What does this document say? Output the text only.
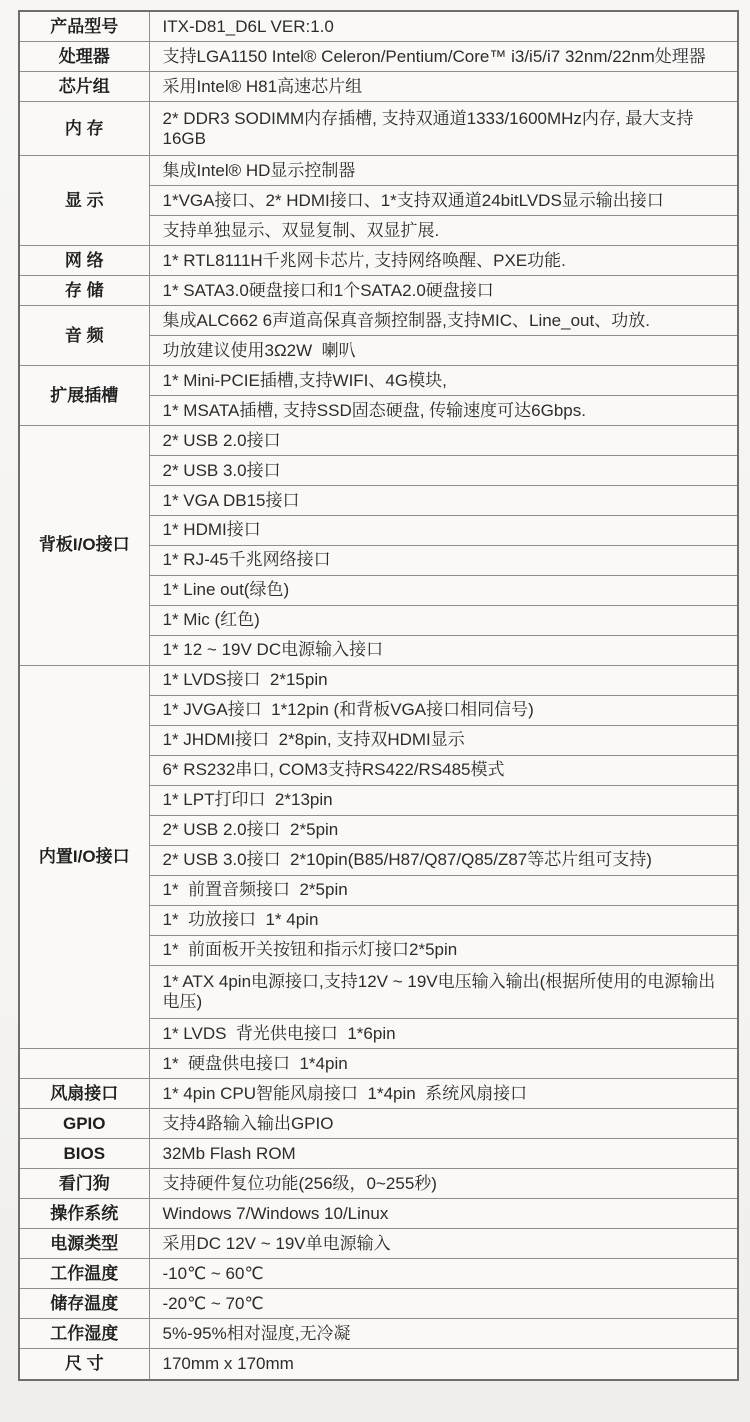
产品型号	ITX-D81_D6L VER:1.0
处理器	支持LGA1150 Intel® Celeron/Pentium/Core™ i3/i5/i7 32nm/22nm处理器
芯片组	采用Intel® H81高速芯片组
内 存	2* DDR3 SODIMM内存插槽, 支持双通道1333/1600MHz内存, 最大支持16GB
显 示	集成Intel® HD显示控制器
	1*VGA接口、2* HDMI接口、1*支持双通道24bitLVDS显示输出接口
	支持单独显示、双显复制、双显扩展.
网 络	1* RTL8111H千兆网卡芯片, 支持网络唤醒、PXE功能.
存 储	1* SATA3.0硬盘接口和1个SATA2.0硬盘接口
音 频	集成ALC662 6声道高保真音频控制器,支持MIC、Line_out、功放.
	功放建议使用3Ω2W  喇叭
扩展插槽	1* Mini-PCIE插槽,支持WIFI、4G模块,
	1* MSATA插槽, 支持SSD固态硬盘, 传输速度可达6Gbps.
背板I/O接口	2* USB 2.0接口
	2* USB 3.0接口
	1* VGA DB15接口
	1* HDMI接口
	1* RJ-45千兆网络接口
	1* Line out(绿色)
	1* Mic (红色)
	1* 12 ~ 19V DC电源输入接口
内置I/O接口	1* LVDS接口  2*15pin
	1* JVGA接口  1*12pin (和背板VGA接口相同信号)
	1* JHDMI接口  2*8pin, 支持双HDMI显示
	6* RS232串口, COM3支持RS422/RS485模式
	1* LPT打印口  2*13pin
	2* USB 2.0接口  2*5pin
	2* USB 3.0接口  2*10pin(B85/H87/Q87/Q85/Z87等芯片组可支持)
	1*  前置音频接口  2*5pin
	1*  功放接口  1* 4pin
	1*  前面板开关按钮和指示灯接口2*5pin
	1* ATX 4pin电源接口,支持12V ~ 19V电压输入输出(根据所使用的电源输出电压)
	1* LVDS  背光供电接口  1*6pin
	1*  硬盘供电接口  1*4pin
风扇接口	1* 4pin CPU智能风扇接口  1*4pin  系统风扇接口
GPIO	支持4路输入输出GPIO
BIOS	32Mb Flash ROM
看门狗	支持硬件复位功能(256级，0~255秒)
操作系统	Windows 7/Windows 10/Linux
电源类型	采用DC 12V ~ 19V单电源输入
工作温度	-10℃ ~ 60℃
储存温度	-20℃ ~ 70℃
工作湿度	5%-95%相对湿度,无冷凝
尺 寸	170mm x 170mm
